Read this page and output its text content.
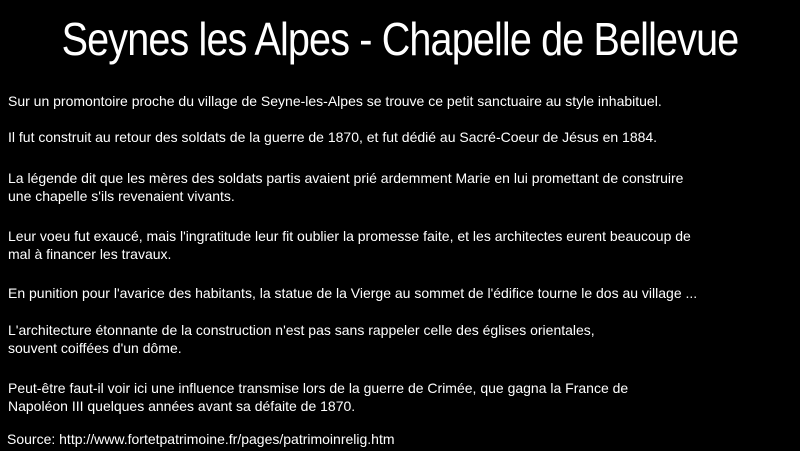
Seynes les Alpes - Chapelle de Bellevue

Sur un promontoire proche du village de Seyne-les-Alpes se trouve ce petit sanctuaire au style inhabituel.

Il fut construit au retour des soldats de la guerre de 1870, et fut dédié au Sacré-Coeur de Jésus en 1884.

La légende dit que les mères des soldats partis avaient prié ardemment Marie en lui promettant de construire
une chapelle s'ils revenaient vivants.

Leur voeu fut exaucé, mais l'ingratitude leur fit oublier la promesse faite, et les architectes eurent beaucoup de
mal à financer les travaux.

En punition pour l'avarice des habitants, la statue de la Vierge au sommet de l'édifice tourne le dos au village ...

L'architecture étonnante de la construction n'est pas sans rappeler celle des églises orientales,
souvent coiffées d'un dôme.

Peut-être faut-il voir ici une influence transmise lors de la guerre de Crimée, que gagna la France de
Napoléon III quelques années avant sa défaite de 1870.

Source: http://www.fortetpatrimoine.fr/pages/patrimoinrelig.htm
